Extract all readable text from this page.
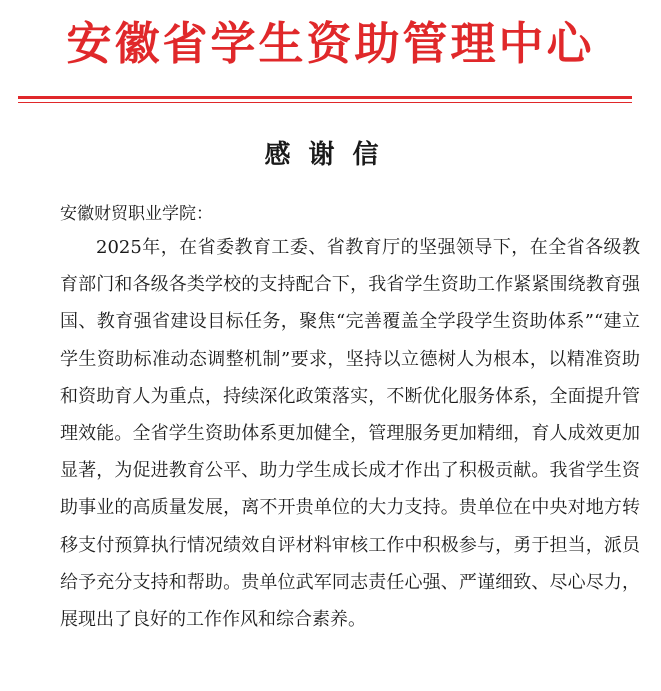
安徽省学生资助管理中心
感谢信
安徽财贸职业学院：

2025年，在省委教育工委、省教育厅的坚强领导下，在全省各级教育部门和各级各类学校的支持配合下，我省学生资助工作紧紧围绕教育强国、教育强省建设目标任务，聚焦“完善覆盖全学段学生资助体系”“建立学生资助标准动态调整机制”要求，坚持以立德树人为根本，以精准资助和资助育人为重点，持续深化政策落实，不断优化服务体系，全面提升管理效能。全省学生资助体系更加健全，管理服务更加精细，育人成效更加显著，为促进教育公平、助力学生成长成才作出了积极贡献。我省学生资助事业的高质量发展，离不开贵单位的大力支持。贵单位在中央对地方转移支付预算执行情况绩效自评材料审核工作中积极参与，勇于担当，派员给予充分支持和帮助。贵单位武军同志责任心强、严谨细致、尽心尽力，展现出了良好的工作作风和综合素养。
